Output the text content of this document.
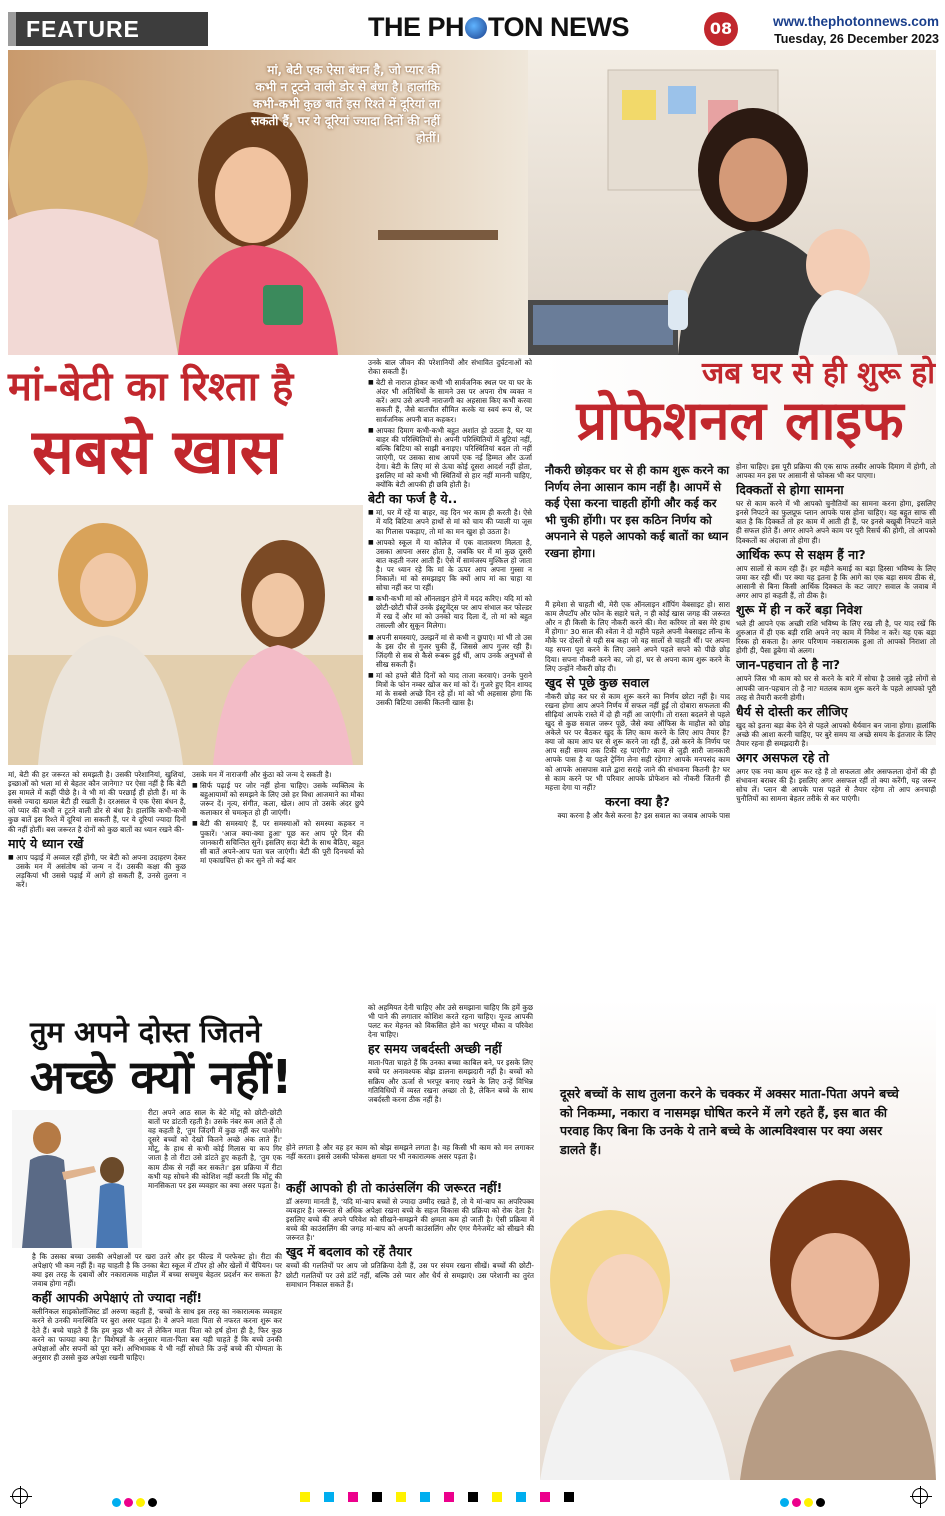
FEATURE	THE PH TON NEWS	08	www.thephotonnews.com
Tuesday, 26 December 2023
मां, बेटी एक ऐसा बंधन है, जो प्यार की कभी न टूटने वाली डोर से बंधा है। हालांकि कभी-कभी कुछ बातें इस रिश्ते में दूरियां ला सकती हैं, पर ये दूरियां ज्यादा दिनों की नहीं होतीं।
मां-बेटी का रिश्ता है
सबसे खास

उनके बाल जीवन की परेशानियों और संभावित दुर्घटनाओं को रोका सकती हैं।

■ बेटी से नाराज होकर कभी भी सार्वजनिक स्थल पर या घर के अंदर भी अतिथियों के सामने उस पर अपना रोष व्यक्त न करें। आप उसे अपनी नाराजगी का अहसास किए कभी करवा सकती हैं, जैसे बातचीत सीमित करके या स्वयं रूप से, पर सार्वजनिक अपनी बात कहकर।

■ आपका दिमाग कभी-कभी बहुत अशांत हो उठता है, घर या बाहर की परिस्थितियों से। अपनी परिस्थितियों में बुटियां नहीं, बल्कि बिटिया को साझी बनाइए। परिस्थितियां बदल तो नहीं जाएंगी, पर उसका साथ आपमें एक नई हिम्मत और ऊर्जा देगा। बेटी के लिए मां से ऊंचा कोई दूसरा आदर्श नहीं होता, इसलिए मां को कभी भी स्थितियों से हार नहीं माननी चाहिए, क्योंकि बेटी आपकी ही छवि होती है।

बेटी का फर्ज है ये..

■ मां, घर में रहें या बाहर, वह दिन भर काम ही करती है। ऐसे में यदि बिटिया अपने हाथों से मां को चाय की प्याली या जूस का गिलास पकड़ाए, तो मां का मन खुश हो उठता है।

■ आपको स्कूल में या कॉलेज में एक वातावरण मिलता है, उसका आपना असर होता है, जबकि घर में मां कुछ दूसरी बात कहती नजर आती हैं। ऐसे में सामंजस्य मुश्किल हो जाता है। पर ध्यान रहे कि मां के ऊपर आप अपना गुस्सा न निकालें। मां को समझाइए कि क्यों आप मां का चाहा या सोचा नहीं कर पा रहीं।

■ कभी-कभी मां को ऑनलाइन होने में मदद करिए। यदि मां को छोटी-छोटी चीजें उनके इंस्ट्रूमेंट्स पर आप संभाल कर फोल्डर में रख दें और मां को उनको याद दिला दें, तो मां को बहुत तसल्ली और सुकून मिलेगा।

■ अपनी समस्याएं, उलझनें मां से कभी न छुपाएं। मां भी तो उस के इस दौर से गुजर चुकी हैं, जिससे आप गुजर रही हैं। जिंदगी से सब से कैसे रूबरू हुई थीं, आप उनके अनुभवों से सीख सकती हैं।

■ मां को हफ्ते बीते दिनों को याद ताजा करवाएं। उनके पुराने मित्रों के फोन नम्बर खोज कर मां को दें। गुजरे हुए दिन शायद मां के सबसे अच्छे दिन रहे हों। मां को भी अहसास होगा कि उसकी बिटिया उसकी कितनी खास है।

मां, बेटी की हर जरूरत को समझती है। उसकी परेशानियां, खुशियां, इच्छाओं को भला मां से बेहतर कौन जानेगा? पर ऐसा नहीं है कि बेटी इस मामले में कहीं पीछे है। वे भी मां की परछाईं ही होती हैं। मां के सबसे ज्यादा ख्याल बेटी ही रखती है। दरअसल ये एक ऐसा बंधन है, जो प्यार की कभी न टूटने वाली डोर से बंधा है। हालांकि कभी-कभी कुछ बातें इस रिश्ते में दूरियां ला सकती हैं, पर ये दूरियां ज्यादा दिनों की नहीं होतीं। बस जरूरत है दोनों को कुछ बातों का ध्यान रखने की-

माएं ये ध्यान रखें

■ आप पढ़ाई में अव्वल रहीं होंगी, पर बेटी को अपना उदाहरण देकर उसके मन में असंतोष को जन्म न दें। उसकी कक्षा की कुछ लड़कियां भी उससे पढ़ाई में आगे हो सकती हैं, उनसे तुलना न करें।

उसके मन में नाराजगी और कुंठा को जन्म दे सकती है।

■ सिर्फ पढ़ाई पर जोर नहीं होना चाहिए। उसके व्यक्तित्व के बहुआयामों को समझने के लिए उसे हर विधा आजमाने का मौका जरूर दें। नृत्य, संगीत, कला, खेल। आप तो उसके अंदर छुपे कलाकार से चमत्कृत हो ही जाएंगी।

■ बेटी की समस्याएं हैं, पर समस्याओं को समस्या कहकर न पुकारें। 'आज क्या-क्या हुआ' पूछ कर आप पूरे दिन की जानकारी सचिन्तित सुनें। इसलिए सदा बेटी के साथ बैठिए, बहुत सी बातें अपने-आप पता चल जाएंगी। बेटी की पूरी दिनचर्या को मां एकाग्रचित्त हो कर सुने तो कई बार

जब घर से ही शुरू हो
प्रोफेशनल लाइफ
नौकरी छोड़कर घर से ही काम शुरू करने का निर्णय लेना आसान काम नहीं है। आपमें से कई ऐसा करना चाहती होंगी और कई कर भी चुकी होंगी। पर इस कठिन निर्णय को अपनाने से पहले आपको कई बातों का ध्यान रखना होगा।

मैं हमेशा से चाहती थी, मेरी एक ऑनलाइन शॉपिंग वेबसाइट हो। सारा काम लैपटॉप और फोन के सहारे चले, न ही कोई खास जगह की जरूरत और न ही किसी के लिए नौकरी करने की। मेरा करियर तो बस मेरे हाथ में होगा।' 30 साल की श्वेता ने दो महीने पहले अपनी वेबसाइट लॉन्च के मौके पर दोस्तों से यही सब कहा जो वह सालों से चाहती थीं। पर अपना यह सपना पूरा करने के लिए उसने अपने पहले सपने को पीछे छोड़ दिया। सपना नौकरी करने का, जो हां, घर से अपना काम शुरू करने के लिए उन्होंने नौकरी छोड़ दी।

खुद से पूछे कुछ सवाल

नौकरी छोड़ कर घर से काम शुरू करने का निर्णय छोटा नहीं है। याद रखना होगा आप अपने निर्णय में सफल नहीं हुईं तो दोबारा सफलता की सीढ़ियां आपके रास्ते में दो ही नहीं आ जाएंगी। तो रास्ता बदलने से पहले खुद से कुछ सवाल जरूर पूछें, जैसे क्या ऑफिस के माहौल को छोड़ अकेले घर पर बैठकर खुद के लिए काम करने के लिए आप तैयार हैं? क्या जो काम आप घर से शुरू करने जा रही हैं, उसे करने के निर्णय पर आप सही समय तक टिकी रह पाएंगी? काम से जुड़ी सारी जानकारी आपके पास है या पहले ट्रेनिंग लेना सही रहेगा? आपके मनपसंद काम को आपके आसपास वाले द्वारा सराहे जाने की संभावना कितनी है? घर से काम करने पर भी परिवार आपके प्रोफेशन को नौकरी जितनी ही महत्ता देगा या नहीं?

करना क्या है?

क्या करना है और कैसे करना है? इस सवाल का जवाब आपके पास

होना चाहिए। इस पूरी प्रक्रिया की एक साफ तस्वीर आपके दिमाग में होगी, तो आपका मन इस पर आसानी से फोकस भी कर पाएगा।

दिक्कतों से होगा सामना

घर से काम करने में भी आपको चुनौतियों का सामना करना होगा, इसलिए इनसे निपटने का फुलप्रूफ प्लान आपके पास होना चाहिए। यह बहुत साफ सी बात है कि दिक्कतें तो हर काम में आती ही हैं, पर इनसे बखूबी निपटने वाले ही सफल होते हैं। अगर आपने अपने काम पर पूरी रिसर्च की होगी, तो आपको दिक्कतों का अंदाजा तो होगा ही।

आर्थिक रूप से सक्षम हैं ना?

आप सालों से काम रही हैं। हर महीने कमाई का बड़ा हिस्सा भविष्य के लिए जमा कर रही थीं। पर क्या यह इतना है कि आगे का एक बड़ा समय ठीक से, आसानी से बिना किसी आर्थिक दिक्कत के कट जाए? सवाल के जवाब में अगर आप हां कहती हैं, तो ठीक है।

शुरू में ही न करें बड़ा निवेश

भले ही आपने एक अच्छी राशि भविष्य के लिए रख ली है, पर याद रखें कि शुरुआत में ही एक बड़ी राशि अपने नए काम में निवेश न करें। यह एक बड़ा रिस्क हो सकता है। अगर परिणाम नकारात्मक हुआ तो आपको निराशा तो होगी ही, पैसा डूबेगा वो अलग।

जान-पहचान तो है ना?

आपने जिस भी काम को घर से करने के बारे में सोचा है उससे जुड़े लोगों से आपकी जान-पहचान तो है ना? मतलब काम शुरू करने के पहले आपको पूरी तरह से तैयारी करनी होगी।

धैर्य से दोस्ती कर लीजिए

खुद को इतना बड़ा बेक देने से पहले आपको धैर्यवान बन जाना होगा। हालांकि अच्छे की आशा करनी चाहिए, पर बुरे समय या अच्छे समय के इंतजार के लिए तैयार रहना ही समझदारी है।

अगर असफल रहे तो

अगर एक नया काम शुरू कर रहे हैं तो सफलता और असफलता दोनों की ही संभावना बराबर की है। इसलिए अगर असफल रहीं तो क्या करेंगी, यह जरूर सोच लें। प्लान बी आपके पास पहले से तैयार रहेगा तो आप अनचाही चुनौतियों का सामना बेहतर तरीके से कर पाएंगी।

तुम अपने दोस्त जितने
अच्छे क्यों नहीं!

को अहमियत देनी चाहिए और उसे समझाना चाहिए कि हमें कुछ भी पाने की लगातार कोशिश करते रहना चाहिए। यूज्ड आपकी पलट कर मेहनत को विकसित होने का भरपूर मौका व परिवेश देना चाहिए।

हर समय जबर्दस्ती अच्छी नहीं

माता-पिता चाहते हैं कि उनका बच्चा काबिल बने, पर इसके लिए बच्चे पर अनावश्यक बोझ डालना समझदारी नहीं है। बच्चों को सक्रिय और ऊर्जा से भरपूर बनाए रखने के लिए उन्हें विभिन्न गतिविधियों में व्यस्त रखना अच्छा तो है, लेकिन बच्चे के साथ जबर्दस्ती करना ठीक नहीं है।

होने लगता है और वह हर काम को बोझ समझने लगता है। वह किसी भी काम को मन लगाकर नहीं करता। इससे उसकी फोकस क्षमता पर भी नकारात्मक असर पड़ता है।
रीटा अपने आठ साल के बेटे मोंटू को छोटी-छोटी बातों पर डांटती रहती है। उसके नंबर कम आते हैं तो वह कहती है, 'तुम जिंदगी में कुछ नहीं कर पाओगे। दूसरे बच्चों को देखो कितने अच्छे अंक लाते हैं।' मोंटू, के हाथ से कभी कोई गिलास या कप गिर जाता है तो रीटा उसे डांटते हुए कहती है, 'तुम एक काम ठीक से नहीं कर सकते।' इस प्रक्रिया में रीटा कभी यह सोचने की कोशिश नहीं करती कि मोंटू की मानसिकता पर इस व्यवहार का क्या असर पड़ता है।

है कि उसका बच्चा उसकी अपेक्षाओं पर खरा उतरे और हर फील्ड में परफेक्ट हो। रीटा की अपेक्षाएं भी कम नहीं हैं। वह चाहती है कि उनका बेटा स्कूल में टॉपर हो और खेलों में चैंपियन। पर क्या इस तरह के दबावों और नकारात्मक माहौल में बच्चा सचमुच बेहतर प्रदर्शन कर सकता है? जवाब होगा नहीं।

कहीं आपकी अपेक्षाएं तो ज्यादा नहीं!

क्लीनिकल साइकोलॉजिस्ट डॉ अरुणा कहती हैं, 'बच्चों के साथ इस तरह का नकारात्मक व्यवहार करने से उनकी मनःस्थिति पर बुरा असर पड़ता है। वे अपने माता पिता से नफरत करना शुरू कर देते हैं। बच्चे चाहते हैं कि हम कुछ भी कर लें लेकिन माता पिता को हर्ष होना ही है, फिर कुछ करने का फायदा क्या है।' विशेषज्ञों के अनुसार माता-पिता बस यही चाहते हैं कि बच्चे उनकी अपेक्षाओं और सपनों को पूरा करें। अभिभावक ये भी नहीं सोचते कि उन्हें बच्चे की योग्यता के अनुसार ही उससे कुछ अपेक्षा रखनी चाहिए।

कहीं आपको ही तो काउंसलिंग की जरूरत नहीं!

डॉ अरुणा मानती हैं, 'यदि मां-बाप बच्चों से ज्यादा उम्मीद रखते हैं, तो ये मां-बाप का अपरिपक्व व्यवहार है। जरूरत से अधिक अपेक्षा रखना बच्चे के सहज विकास की प्रक्रिया को रोक देता है। इसलिए बच्चे की अपने परिवेश को सीखने-समझने की क्षमता कम हो जाती है। ऐसी प्रक्रिया में बच्चे की काउंसलिंग की जगह मां-बाप को अपनी काउंसलिंग और एंगर मैनेजमेंट को सीखने की जरूरत है।'

खुद में बदलाव को रहें तैयार

बच्चों की गलतियों पर आप जो प्रतिक्रिया देती हैं, उस पर संयम रखना सीखें। बच्चों की छोटी-छोटी गलतियों पर उसे डांटें नहीं, बल्कि उसे प्यार और धैर्य से समझाएं। उस परेशानी का तुरंत समाधान निकाल सकते हैं।

दूसरे बच्चों के साथ तुलना करने के चक्कर में अक्सर माता-पिता अपने बच्चे को निकम्मा, नकारा व नासमझ घोषित करने में लगे रहते हैं, इस बात की परवाह किए बिना कि उनके ये ताने बच्चे के आत्मविश्वास पर क्या असर डालते हैं।
